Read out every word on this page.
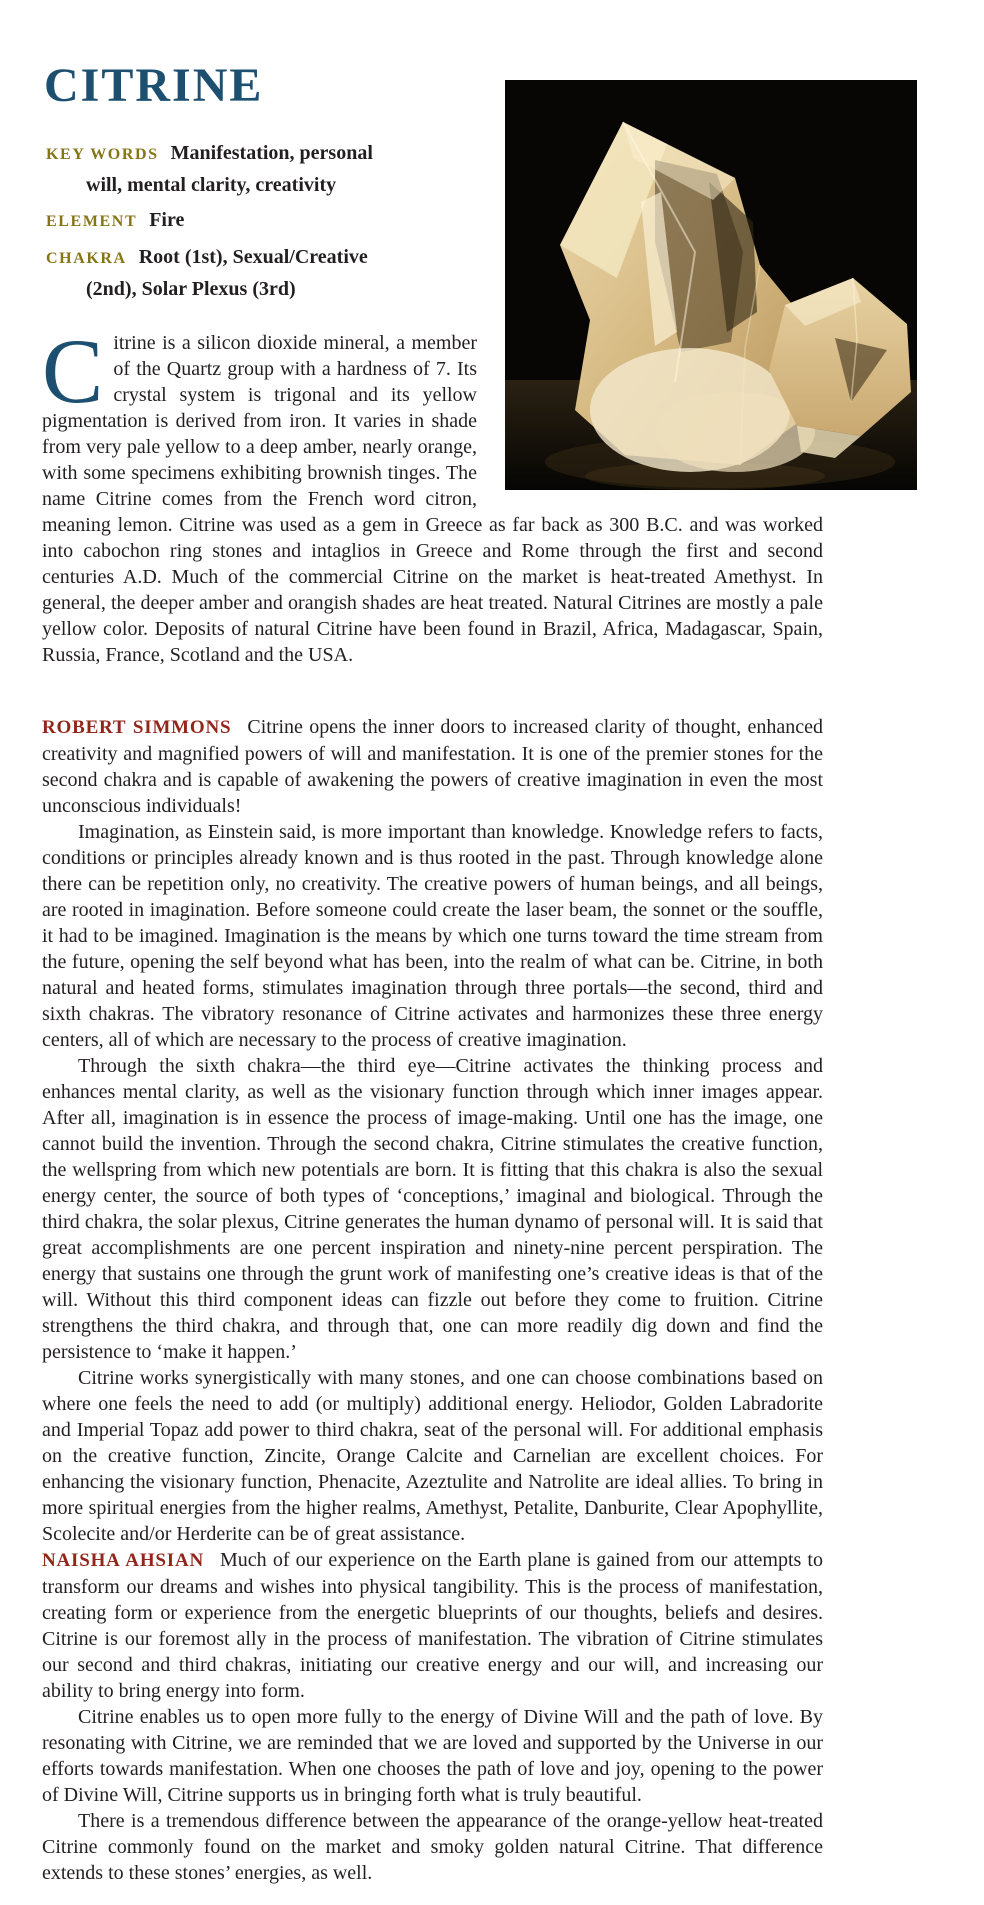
CITRINE
KEY WORDS Manifestation, personal will, mental clarity, creativity
ELEMENT Fire
CHAKRA Root (1st), Sexual/​Creative (2nd), Solar Plexus (3rd)

Citrine is a silicon dioxide mineral, a member of the Quartz group with a hardness of 7. Its crystal system is trigonal and its yellow pigmentation is derived from iron. It varies in shade from very pale yellow to a deep amber, nearly orange, with some specimens exhibiting brownish tinges. The name Citrine comes from the French word citron, meaning lemon. Citrine was used as a gem in Greece as far back as 300 B.C. and was worked into cabochon ring stones and intaglios in Greece and Rome through the first and second centuries A.D. Much of the commercial Citrine on the market is heat-treated Amethyst. In general, the deeper amber and orangish shades are heat treated. Natural Citrines are mostly a pale yellow color. Deposits of natural Citrine have been found in Brazil, Africa, Madagascar, Spain, Russia, France, Scotland and the USA.

ROBERT SIMMONS Citrine opens the inner doors to increased clarity of thought, enhanced creativity and magnified powers of will and manifestation. It is one of the premier stones for the second chakra and is capable of awakening the powers of creative imagination in even the most unconscious individuals!

Imagination, as Einstein said, is more important than knowledge. Knowledge refers to facts, conditions or principles already known and is thus rooted in the past. Through knowledge alone there can be repetition only, no creativity. The creative powers of human beings, and all beings, are rooted in imagination. Before someone could create the laser beam, the sonnet or the souffle, it had to be imagined. Imagination is the means by which one turns toward the time stream from the future, opening the self beyond what has been, into the realm of what can be. Citrine, in both natural and heated forms, stimulates imagination through three portals—the second, third and sixth chakras. The vibratory resonance of Citrine activates and harmonizes these three energy centers, all of which are necessary to the process of creative imagination.

Through the sixth chakra—the third eye—Citrine activates the thinking process and enhances mental clarity, as well as the visionary function through which inner images appear. After all, imagination is in essence the process of image-making. Until one has the image, one cannot build the invention. Through the second chakra, Citrine stimulates the creative function, the wellspring from which new potentials are born. It is fitting that this chakra is also the sexual energy center, the source of both types of ‘conceptions,’ imaginal and biological. Through the third chakra, the solar plexus, Citrine generates the human dynamo of personal will. It is said that great accomplishments are one percent inspiration and ninety-nine percent perspiration. The energy that sustains one through the grunt work of manifesting one’s creative ideas is that of the will. Without this third component ideas can fizzle out before they come to fruition. Citrine strengthens the third chakra, and through that, one can more readily dig down and find the persistence to ‘make it happen.’

Citrine works synergistically with many stones, and one can choose combinations based on where one feels the need to add (or multiply) additional energy. Heliodor, Golden Labradorite and Imperial Topaz add power to third chakra, seat of the personal will. For additional emphasis on the creative function, Zincite, Orange Calcite and Carnelian are excellent choices. For enhancing the visionary function, Phenacite, Azeztulite and Natrolite are ideal allies. To bring in more spiritual energies from the higher realms, Amethyst, Petalite, Danburite, Clear Apophyllite, Scolecite and/or Herderite can be of great assistance.

NAISHA AHSIAN Much of our experience on the Earth plane is gained from our attempts to transform our dreams and wishes into physical tangibility. This is the process of manifestation, creating form or experience from the energetic blueprints of our thoughts, beliefs and desires. Citrine is our foremost ally in the process of manifestation. The vibration of Citrine stimulates our second and third chakras, initiating our creative energy and our will, and increasing our ability to bring energy into form.

Citrine enables us to open more fully to the energy of Divine Will and the path of love. By resonating with Citrine, we are reminded that we are loved and supported by the Universe in our efforts towards manifestation. When one chooses the path of love and joy, opening to the power of Divine Will, Citrine supports us in bringing forth what is truly beautiful.

There is a tremendous difference between the appearance of the orange-yellow heat-treated Citrine commonly found on the market and smoky golden natural Citrine. That difference extends to these stones’ energies, as well.
